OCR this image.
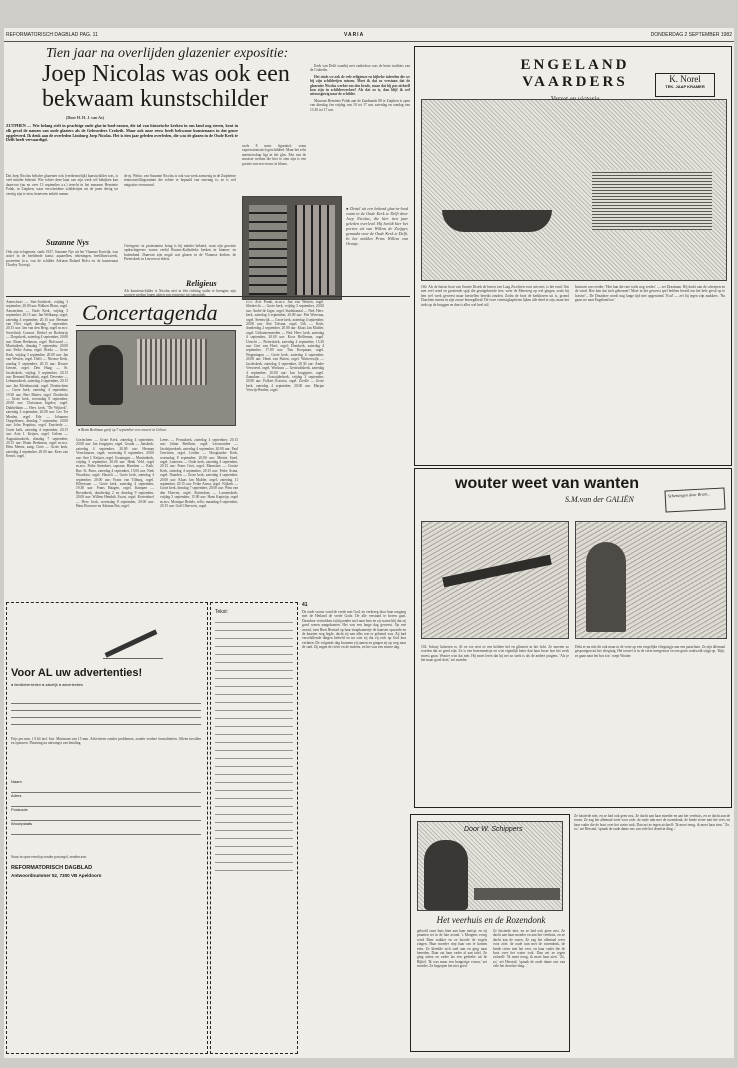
REFORMATORISCH DAGBLAD PAG. 11	VARIA	DONDERDAG 2 SEPTEMBER 1982
Tien jaar na overlijden glazenier expositie:
Joep Nicolas was ook een
bekwaam kunstschilder
(Door H. H. J. van As)
ZUTPHEN — Wie belang stelt in prachtige oude glas-in-lood-ramen, die tal van historische kerken in ons land nog sieren, kent in elk geval de namen van oude glaziers als de Gebroeders Crabeth. Maar ook onze eeuw heeft bekwame kunstenaars in dat genre opgeleverd. Ik denk aan de overleden Limburg Joep Nicolas. Het is tien jaar geleden overleden, die was de glazen in de Oude Kerk te Delft heeft vervaardigd.
Dat Joep Nicolas behalve glazenier ook (verdienstelijk) kunstschilder was, is veel minder bekend. Wie echter deze kant van zijn werk wil bekijken kan daarvoor (nu en over 13 september a.s.) terecht in het museum Henriette Polak, in Zutphen, waar verscheidene schilderijen uit de jaren dertig tot veertig zijn te zien, benevens enkele ramen.
Suzanne Nys
Ook zijn echtgenote, sinds 1927, Suzanne Nys uit het Vlaamse Kortrijk, was actief in de beeldende kunst: aquarellen, tekeningen, beeldhouwwerk, portretten (o.a. van de schilder Adriaan Roland Holst en de kunstenaar Charley Toorop).
de nj. Welzo, van Suzanne Nicolas is ook wat werk aanwezig in de Zutphense tentoonstellingsruimte die echter te bepaald van omvang is; ze is wel enigszins verrassend.
Overigens: in protestantse kring is hij minder bekend, want zijn grootste opdrachtgevers waren veelal Rooms-Katholieke kerken in binnen- en buitenland. Daarvan zijn nogal wat glazen in de Vlaamse kerken, de Pieterskerk in Leuven en elders.
Religieus
Als kunstenschilder is Nicolas niet in één richting onder te brengen; zijn
soels 8 soms figuratief, soms expressionistisch geschilderd. Maar het echt meesterschap ligt in het glas. Eén van de mooiste werken die hier te zien zijn is een portret van een vrouw in blauw.

Kerk van Delft waarbij met onderdoor was de beste tradities van de Crabeths.

Het sinds we ook de vele religieuze en bijbelse taferelen die we bij zijn schilderijen missen. Moet ik dat zo verstaan dat de glazenier Nicolas werkte om den brode, maar dat hij pas zichzelf kon zijn in schilderwerken? Als dat zo is, dan blijf ik wel nieuwsgierig naar de schilder.

Museum Henriette Polak aan de Zaadmarkt 88 te Zutphen is open van dinsdag t/m vrijdag van 10 tot 17 uur, zaterdag en zondag van 13.30 tot 17 uur.

● Detail uit een bekend glas-in-lood raam in de Oude Kerk te Delft door Joep Nicolas, die hier tien jaar geleden overleed. Hij beeldt hier het portret uit van Willem de Zwijger, gemaakt voor de Oude Kerk te Delft. In het midden Prins Willem van Oranje.
Amersfoort — Sint-Joriskerk, vrijdag 3 september, 20.00 uur: Rikkert Blom, orgel. Amsterdam — Oude Kerk, vrijdag 3 september, 20.15 uur: Jan Welkamp, orgel; zaterdag 4 september, 20.15 uur: Herman van Vliet, orgel; dinsdag 7 september, 20.15 uur: Jan van den Berg, orgel m.m.v. Sweelinck Consort. Berkel en Rodenrijs — Dorpskerk, zaterdag 4 september, 20.00 uur: Bram Beekman, orgel. Bolsward — Martinikerk, dinsdag 7 september, 20.00 uur: Feike Asma, orgel. Breda — Grote Kerk, vrijdag 3 september, 20.00 uur: Jan van Westen, orgel. Delft — Nieuwe Kerk, zondag 5 september, 20.15 uur: Douwe Gersen, orgel. Den Haag — St. Jacobskerk, vrijdag 3 september, 20.15 uur: Bernard Bartelink, orgel. Deventer — Lebuinuskerk, zaterdag 4 september, 20.15 uur: Jan Kleinbussink, orgel. Doetinchem — Grote kerk, zaterdag 4 september, 19.30 uur: Bert Matter, orgel. Dordrecht — Grote kerk, woensdag 8 september, 20.00 uur: Christiaan Ingelse, orgel. Dubbeldam — Herv. kerk, "De Wijkerk", zaterdag 4 september, 20.00 uur: Leo Ter Meulen, orgel. Ede — Johannes Oorgelbouw, dinsdag 7 september, 20.00 uur: John Propitius, orgel. Enschede — Grote kerk, zaterdag 4 september, 20.15 uur: Arie J. Keijzer, orgel. Gelsen — Augustinuskerk, dinsdag 7 september, 20.15 uur: Bram Beekman, orgel m.m.v. Hein Meens, zang. Goes — Grote kerk, zaterdag 4 september, 20.00 uur: Kees van Eersel, orgel.
Concertagenda
● Bram Beekman geeft op 7 september een concert in Gelsen.
Gorinchem — Grote Kerk, zaterdag 4 september, 20.00 uur: Jan Jongepier, orgel. Gouda — Janskerk, zaterdag 4 september, 20.00 uur: Herman Verschuuren, orgel; woensdag 8 september, 20.00 uur: Arie J. Keijzer, orgel. Groningen — Martinikerk, vrijdag 3 september, 20.00 uur: Henk Veld, orgel m.m.v. Feike Steenbert, sopraan. Haarlem — Kath. Bav. St. Bavo, zaterdag 4 september, 15.00 uur: Niek Woudstra, orgel. Hasselt — Grote kerk, zaterdag 4 september, 20.00 uur: Frans van Tilburg, orgel. Hilversum — Grote kerk, zaterdag 4 september, 19.30 uur: Frans Haagen, orgel. Kampen — Bovenkerk, donderdag 2 en dinsdag 9 september, 20.00 uur: Willem Hendrik Zwart, orgel. Kortenhoef — Herv. kerk, woensdag 8 september, 20.00 uur: Hans Brouwer en Adriaan Bot, orgel.
Leens — Petruskerk, zaterdag 4 september, 20.15 uur: Johan Beelhuis, orgel. Leeuwarden — Jacobijnerkerk, zaterdag 4 september, 20.00 uur: Paul Gerritsen, orgel. Leiden — Hooglandse Kerk, woensdag 8 september, 20.00 uur: Meinte Stoel, orgel. Lunteren — Oude kerk, zaterdag 4 september, 20.15 uur: Frans Gort, orgel. Maassluis — Groote Kerk, zaterdag 4 september, 20.15 uur: Feike Asma, orgel. Naarden — Grote kerk, zaterdag 4 september, 20.00 uur: Klaas Jan Mulder, orgel; zaterdag 11 september, 20.15 uur: Feike Asma, orgel. Nijkerk — Grote kerk, dinsdag 7 september, 20.00 uur: Wim van den Hoeven, orgel. Rotterdam — Laurenskerk, vrijdag 3 september, 15.00 uur: Hans Kapteijn, orgel m.m.v. Monique Bettels, cello; maandag 6 september, 20.15 uur: Goff Oberweis, orgel.
e.i.v. Arie Pronk, m.m.v. Jan van Westen, orgel. Sliedrecht — Grote kerk, vrijdag 3 september, 20.00 uur: André de Jager, orgel. Stadskanaal — Ned. Herv. kerk, zaterdag 4 september, 20.00 uur: Piet Wiersma, orgel. Steenwijk — Grote kerk, zaterdag 4 september, 20.00 uur: Siet Tolsma, orgel. Urk — Kerk, donderdag 2 september, 20.00 uur: Klaas Jan Mulder, orgel. Uithuizermeeden — Ned. Herv. kerk, zaterdag 4 september, 20.00 uur: Koos Brilleman, orgel. Utrecht — Pieterskerk, zaterdag 4 september, 15.30 uur: Gert van Hoef, orgel; Domkerk, zaterdag 4 september, 17.00 uur: Tim Koopman, orgel. Wageningen — Grote kerk, zaterdag 4 september, 20.00 uur: Henk van Putten, orgel. Winterswijk — Jacobskerk, zaterdag 4 september, 20.30 uur: Andre Verwoerd, orgel. Workum — Gertrudiskerk, zaterdag 4 september, 20.00 uur: Jan Jongepier, orgel. Zaandam — Oostzijderkerk, vrijdag 3 september, 20.00 uur: Folkert Koostra, orgel. Zwolle — Grote kerk, zaterdag 4 september, 20.00 uur: Marjan Verwijs-Beulen, orgel.
ENGELAND VAARDERS	K. Norel
TEK. JAAP KRAMER
160. Als de luitste boot van Swarte Droek de haven van Laag Zwolwen voor uitvoert, is het rond. Om met veel wind en groeiende spijt die geuitgekeerde tere, weer de Mereweg op wel gingen, zoals bij hen wel werk geweest maar herstellen bereikt zouden. Zodra de boot de kerkhaven uit is, gromd Drachten ineens in zijn zware bezorgdheid. De twee voertuigkapiteins lijken alle deed te zijn, maar het trekt op de bruggen en dan is alles wel heel stil.
Intussen was eerder: 'Hoe kan die rare tocht nog verder.' — zei Draaiman. Hij dacht aan de scheepen en de wind. Hoe kan dat toch gebeuren? Moet in het geweest spel hebben bereid om het hele geval op te lossen?... De Draadzee wordt nog lange tijd niet opgeruimd. 'Esul' — zei hij tegen zijn makkers. 'Nu gaan we naar Engeland toe.'
wouter weet van wanten
S.M.van der GALIËN
Schetsingen door Bram...
102. Schuty luisteren er, Af en toe stert ze een heldere bel en glinstert in het licht. Ze moeten zo worden dat ze goed zijn. Ze is een boerenmeisje en wist eigenlijk beter dan haar broer hoe het werk moest gaan. Wouter wist dat niet. Hij moet leren dat hij net zo sterk is als de andere jongens. 'Als je het maar goed doet,' zei moeder.
Dekt er nu niet dit ook maar in de verte op een vergelijke vliegtuigje aan een parachute. Ze zijn allemaal gesprongen uit het vliegtuig. Het toestel is in de verte neergestort en een grote rookwolk stijgt op. 'Kijk, ze gaan naar het bos toe,' roept Wouter.
Voor AL uw advertenties!
● familieberichten ● zakelijk ● advertenties
Prijs per mm. f 0,64 incl. btw. Minimum van 15 mm. Adverteren zonder problemen, zonder verdere formaliteiten. Alleen invullen en opsturen. Plaatsing na ontvangst van betaling.
Naam
Adres
Postcode
Woonplaats
Stuur in open envelop zonder postzegel, zenden aan:
REFORMATORISCH DAGBLAD
Antwoordnummer 52, 7300 VB Apeldoorn
Tekst:
41
De oude vrouw vond de vrede met God, en verkreeg door haar omgang met de Heiland de vrede Gods. De alle verstand te boven gaat. Daardoor vertrokken zij bijzonder snel naar huis en zij waren blij dat zij goed waren aangekomen. Het was een lange dag geweest. Op een avond, toen Rien Herstad op haar slaapkamertje de kaarsen opwarde en de kaarten weg legde, dacht zij aan alles wat er gebeurd was. Zij had verschillende dingen beleefd en nu wist zij dat zij zich op God kon verlaten. De volgende dag kwamen zij samen en gingen zij op weg naar de stad. Zij zagen de rivier en de molens, en het was een mooie dag.
Door W. Schippers
Het veerhuis en de Rozendonk
geloofd onze huis bien aan haar meisje, en zij praatten tot in de late avond. 's Morgens vroeg werd Rien wakker en ze hoorde de vogels zingen. Haar moeder riep haar om te komen eten. Ze kleedde zich snel aan en ging naar beneden. Daar zat haar vader al aan tafel. Ze ging zitten en vader las een gedeelte uit de Bijbel. 'Ik was maar een hongerige vrouw,' zei moeder. Ze begrepen het niet goed.
Ze luisterde niet, en ze had ook geen rust. Ze dacht aan haar moeder en aan het veerhuis, en ze dacht aan de rozen. Ze zag het allemaal weer voor zich: de oude tuin met de rozendonk, de brede rivier met het veer, en haar vader die de boot over het water trok. Dan zei ze tegen zichzelf: 'Ik moet terug, ik moet haar zien.' 'Zo, zo,' zei Herstad, 'spraak de oude dame ons van vele het droefste ding...'
Ze luisterde niet, en ze had ook geen rust. Ze dacht aan haar moeder en aan het veerhuis, en ze dacht aan de rozen. Ze zag het allemaal weer voor zich: de oude tuin met de rozendonk, de brede rivier met het veer, en haar vader die de boot over het water trok. Dan zei ze tegen zichzelf: 'Ik moet terug, ik moet haar zien.' 'Zo, zo,' zei Herstad, 'spraak de oude dame ons van vele het droefste ding...'
